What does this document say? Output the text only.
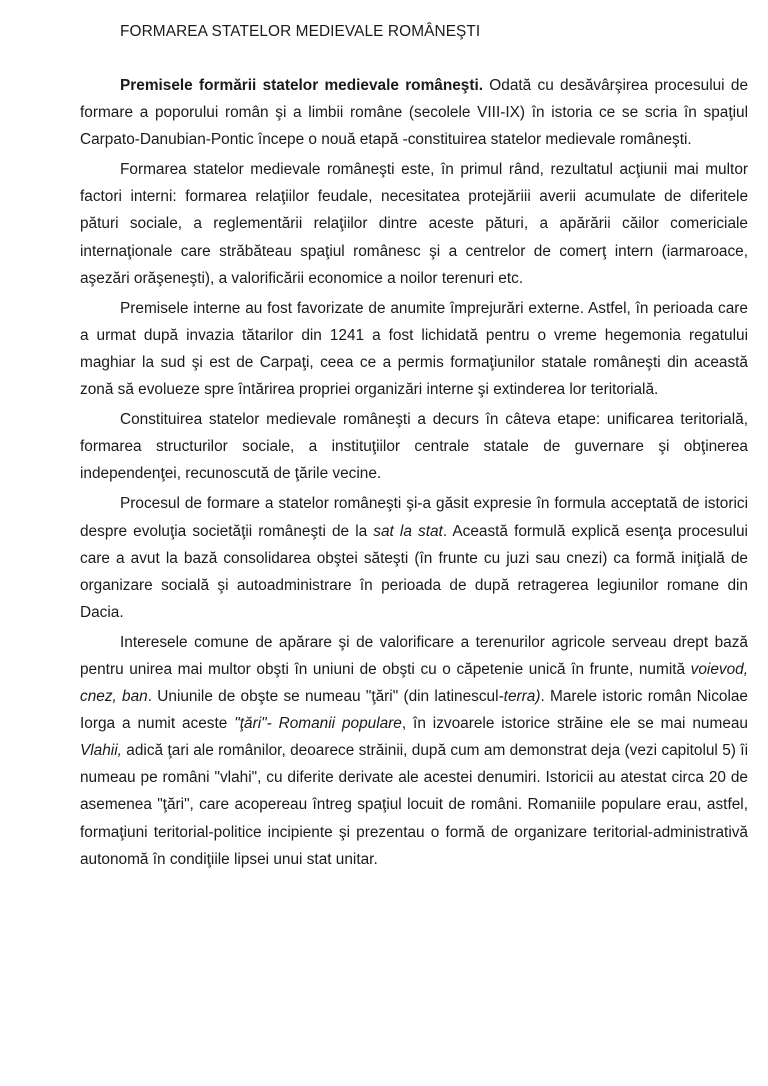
FORMAREA STATELOR MEDIEVALE ROMÂNEŞTI

Premisele formării statelor medievale româneşti. Odată cu desăvârşirea procesului de formare a poporului român şi a limbii române (secolele VIII-IX) în istoria ce se scria în spaţiul Carpato-Danubian-Pontic începe o nouă etapă -constituirea statelor medievale româneşti.

Formarea statelor medievale româneşti este, în primul rând, rezultatul acţiunii mai multor factori interni: formarea relaţiilor feudale, necesitatea protejăriii averii acumulate de diferitele pături sociale, a reglementării relaţiilor dintre aceste pături, a apărării căilor comericiale internaţionale care străbăteau spaţiul românesc şi a centrelor de comerţ intern (iarmaroace, aşezări orăşeneşti), a valorificării economice a noilor terenuri etc.

Premisele interne au fost favorizate de anumite împrejurări externe. Astfel, în perioada care a urmat după invazia tătarilor din 1241 a fost lichidată pentru o vreme hegemonia regatului maghiar la sud şi est de Carpaţi, ceea ce a permis formaţiunilor statale româneşti din această zonă să evolueze spre întărirea propriei organizări interne şi extinderea lor teritorială.

Constituirea statelor medievale româneşti a decurs în câteva etape: unificarea teritorială, formarea structurilor sociale, a instituţiilor centrale statale de guvernare şi obţinerea independenţei, recunoscută de ţările vecine.

Procesul de formare a statelor româneşti şi-a găsit expresie în formula acceptată de istorici despre evoluţia societăţii româneşti de la sat la stat. Această formulă explică esenţa procesului care a avut la bază consolidarea obştei săteşti (în frunte cu juzi sau cnezi) ca formă iniţială de organizare socială şi autoadministrare în perioada de după retragerea legiunilor romane din Dacia.

Interesele comune de apărare şi de valorificare a terenurilor agricole serveau drept bază pentru unirea mai multor obşti în uniuni de obşti cu o căpetenie unică în frunte, numită voievod, cnez, ban. Uniunile de obşte se numeau "ţări" (din latinescul-terra). Marele istoric român Nicolae Iorga a numit aceste "ţări"- Romanii populare, în izvoarele istorice străine ele se mai numeau Vlahii, adică ţari ale românilor, deoarece străinii, după cum am demonstrat deja (vezi capitolul 5) îi numeau pe români "vlahi", cu diferite derivate ale acestei denumiri. Istoricii au atestat circa 20 de asemenea "ţări", care acopereau întreg spaţiul locuit de români. Romaniile populare erau, astfel, formaţiuni teritorial-politice incipiente şi prezentau o formă de organizare teritorial-administrativă autonomă în condiţiile lipsei unui stat unitar.
